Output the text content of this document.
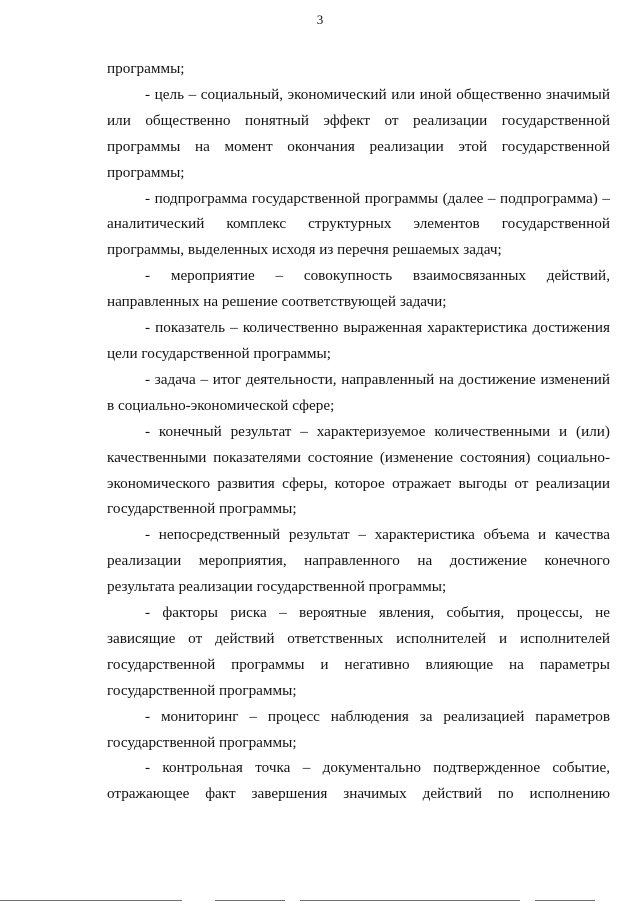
3

программы;

- цель – социальный, экономический или иной общественно значимый или общественно понятный эффект от реализации государственной программы на момент окончания реализации этой государственной программы;

- подпрограмма государственной программы (далее – подпрограмма) – аналитический комплекс структурных элементов государственной программы, выделенных исходя из перечня решаемых задач;

- мероприятие – совокупность взаимосвязанных действий, направленных на решение соответствующей задачи;

- показатель – количественно выраженная характеристика достижения цели государственной программы;

- задача – итог деятельности, направленный на достижение изменений в социально-экономической сфере;

- конечный результат – характеризуемое количественными и (или) качественными показателями состояние (изменение состояния) социально-экономического развития сферы, которое отражает выгоды от реализации государственной программы;

- непосредственный результат – характеристика объема и качества реализации мероприятия, направленного на достижение конечного результата реализации государственной программы;

- факторы риска – вероятные явления, события, процессы, не зависящие от действий ответственных исполнителей и исполнителей государственной программы и негативно влияющие на параметры государственной программы;

- мониторинг – процесс наблюдения за реализацией параметров государственной программы;

- контрольная точка – документально подтвержденное событие, отражающее факт завершения значимых действий по исполнению
